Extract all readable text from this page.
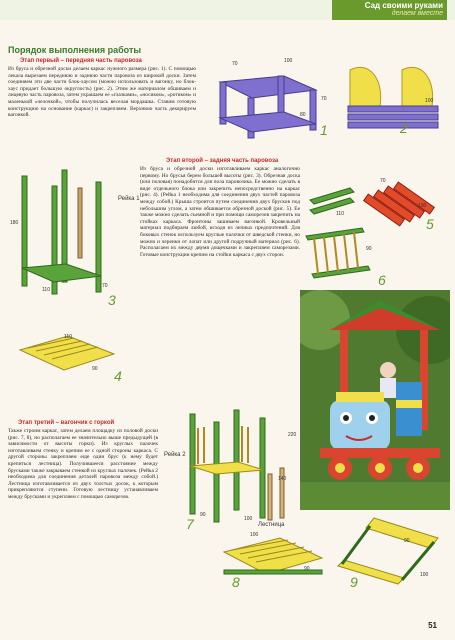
Сад своими руками
делаем вместе
Порядок выполнения работы
Этап первый – передняя часть паровоза
Из бруса и обрезной доски делаем каркас нужного размера (рис. 1). С помощью лекала вырезаем переднюю и заднюю части паровоза из широкой доски. Затем соединяем эти две части блок-хаусом (можно использовать и вагонку, но блок-хаус придает большую округлость) (рис. 2). Этим же материалом обшиваем и лицевую часть паровоза, затем украшаем ее «глазками», «носиком», «ротиком» и маленькой «челочкой», чтобы получилась веселая мордашка. Ставим готовую конструкцию на основание (каркас) и закрепляем. Верхнюю часть декорируем вагонкой.
70	100
70
80
1
100
2
180
70
110
Рейка 1
3
110
90 4
Этап второй – задняя часть паровоза
Из бруса и обрезной доски изготавливаем каркас аналогично первому. Но брусья берем большей высоты (рис. 3). Обрезная доска (или половая) понадобится для пола паровозика. Ее можно сделать в виде отдельного блока или закрепить непосредственно на каркас (рис. 4). (Рейка 1 необходима для соединения двух частей паровоза между собой.) Крыша строится путем соединения двух брусков под небольшим углом, а затем обшивается обрезной доской (рис. 5). Ее также можно сделать съемной и при помощи саморезов закрепить на стойках каркаса. Фронтоны зашиваем вагонкой. Кровельный материал подбираем любой, исходя из личных предпочтений. Для боковых стенок используем круглые палочки от шведской стенки, но можно и черенки от лопат или другой подручный материал (рис. 6). Располагаем их между двумя дощечками и закрепляем саморезами. Готовые конструкции крепим на стойки каркаса с двух сторон.
70
110
130
5
90
6
Этап третий – вагончик с горкой
Также строим каркас, затем делаем площадку из половой доски (рис. 7, 8), но располагаем ее значительно выше предыдущей (в зависимости от высоты горки). Из круглых палочек изготавливаем стенку и крепим ее с одной стороны каркаса. С другой стороны закрепляем еще один брус (к нему будет крепиться лестница). Получившееся расстояние между брусками также закрываем стенкой из круглых палочек. (Рейка 2 необходима для соединения деталей паровоза между собой.) Лестница изготавливается из двух толстых досок, к которым прикрепляются ступени. Готовую лестницу устанавливаем между брусками и укрепляем с помощью саморезов.
Рейка 2
Лестница
220
140
90
100
7
100
90
8
90
100
9
51
